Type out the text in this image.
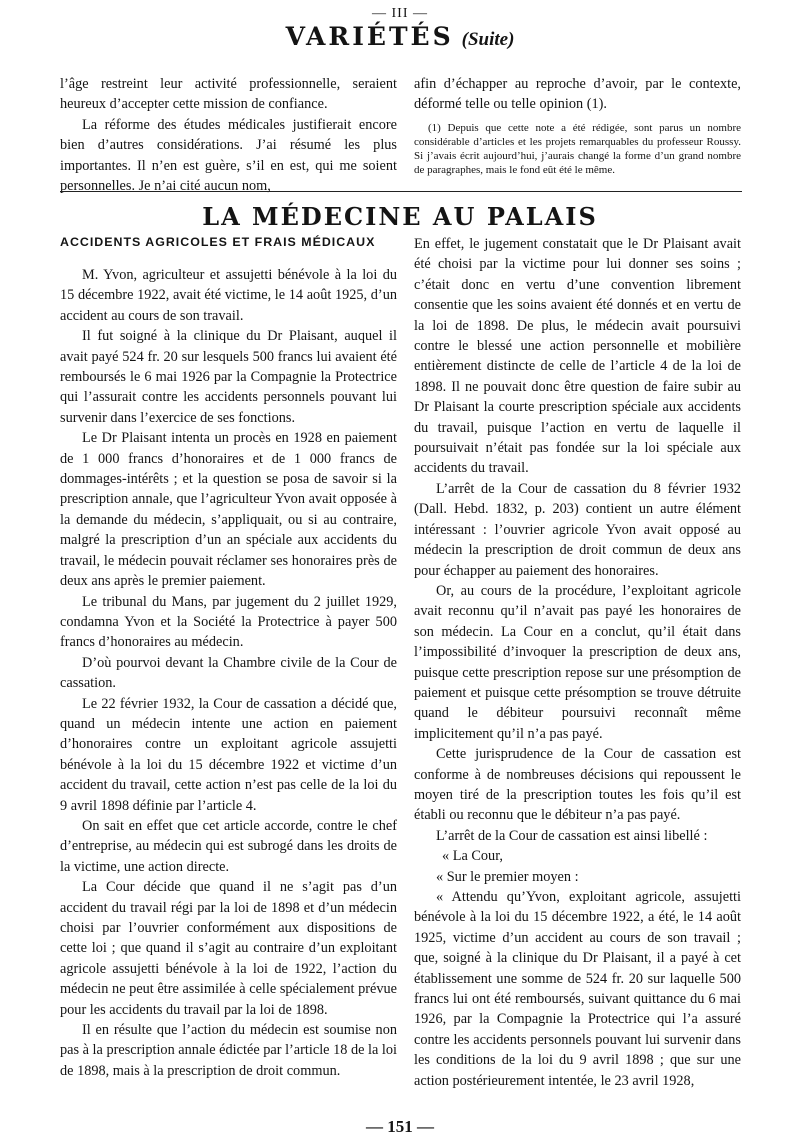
— III —
VARIÉTÉS (Suite)

l’âge restreint leur activité professionnelle, seraient heureux d’accepter cette mission de confiance.

La réforme des études médicales justifierait encore bien d’autres considérations. J’ai résumé les plus importantes. Il n’en est guère, s’il en est, qui me soient personnelles. Je n’ai cité aucun nom,

afin d’échapper au reproche d’avoir, par le contexte, déformé telle ou telle opinion (1).

(1) Depuis que cette note a été rédigée, sont parus un nombre considérable d’articles et les projets remarquables du professeur Roussy. Si j’avais écrit aujourd’hui, j’aurais changé la forme d’un grand nombre de paragraphes, mais le fond eût été le même.

LA MÉDECINE AU PALAIS
ACCIDENTS AGRICOLES ET FRAIS MÉDICAUX

M. Yvon, agriculteur et assujetti bénévole à la loi du 15 décembre 1922, avait été victime, le 14 août 1925, d’un accident au cours de son travail.

Il fut soigné à la clinique du Dr Plaisant, auquel il avait payé 524 fr. 20 sur lesquels 500 francs lui avaient été remboursés le 6 mai 1926 par la Compagnie la Protectrice qui l’assurait contre les accidents personnels pouvant lui survenir dans l’exercice de ses fonctions.

Le Dr Plaisant intenta un procès en 1928 en paiement de 1 000 francs d’honoraires et de 1 000 francs de dommages-intérêts ; et la question se posa de savoir si la prescription annale, que l’agriculteur Yvon avait opposée à la demande du médecin, s’appliquait, ou si au contraire, malgré la prescription d’un an spéciale aux accidents du travail, le médecin pouvait réclamer ses honoraires près de deux ans après le premier paiement.

Le tribunal du Mans, par jugement du 2 juillet 1929, condamna Yvon et la Société la Protectrice à payer 500 francs d’honoraires au médecin.

D’où pourvoi devant la Chambre civile de la Cour de cassation.

Le 22 février 1932, la Cour de cassation a décidé que, quand un médecin intente une action en paiement d’honoraires contre un exploitant agricole assujetti bénévole à la loi du 15 décembre 1922 et victime d’un accident du travail, cette action n’est pas celle de la loi du 9 avril 1898 définie par l’article 4.

On sait en effet que cet article accorde, contre le chef d’entreprise, au médecin qui est subrogé dans les droits de la victime, une action directe.

La Cour décide que quand il ne s’agit pas d’un accident du travail régi par la loi de 1898 et d’un médecin choisi par l’ouvrier conformément aux dispositions de cette loi ; que quand il s’agit au contraire d’un exploitant agricole assujetti bénévole à la loi de 1922, l’action du médecin ne peut être assimilée à celle spécialement prévue pour les accidents du travail par la loi de 1898.

Il en résulte que l’action du médecin est soumise non pas à la prescription annale édictée par l’article 18 de la loi de 1898, mais à la prescription de droit commun.

En effet, le jugement constatait que le Dr Plaisant avait été choisi par la victime pour lui donner ses soins ; c’était donc en vertu d’une convention librement consentie que les soins avaient été donnés et en vertu de la loi de 1898. De plus, le médecin avait poursuivi contre le blessé une action personnelle et mobilière entièrement distincte de celle de l’article 4 de la loi de 1898. Il ne pouvait donc être question de faire subir au Dr Plaisant la courte prescription spéciale aux accidents du travail, puisque l’action en vertu de laquelle il poursuivait n’était pas fondée sur la loi spéciale aux accidents du travail.

L’arrêt de la Cour de cassation du 8 février 1932 (Dall. Hebd. 1832, p. 203) contient un autre élément intéressant : l’ouvrier agricole Yvon avait opposé au médecin la prescription de droit commun de deux ans pour échapper au paiement des honoraires.

Or, au cours de la procédure, l’exploitant agricole avait reconnu qu’il n’avait pas payé les honoraires de son médecin. La Cour en a conclut, qu’il était dans l’impossibilité d’invoquer la prescription de deux ans, puisque cette prescription repose sur une présomption de paiement et puisque cette présomption se trouve détruite quand le débiteur poursuivi reconnaît même implicitement qu’il n’a pas payé.

Cette jurisprudence de la Cour de cassation est conforme à de nombreuses décisions qui repoussent le moyen tiré de la prescription toutes les fois qu’il est établi ou reconnu que le débiteur n’a pas payé.

L’arrêt de la Cour de cassation est ainsi libellé :

« La Cour,

« Sur le premier moyen :

« Attendu qu’Yvon, exploitant agricole, assujetti bénévole à la loi du 15 décembre 1922, a été, le 14 août 1925, victime d’un accident au cours de son travail ; que, soigné à la clinique du Dr Plaisant, il a payé à cet établissement une somme de 524 fr. 20 sur laquelle 500 francs lui ont été remboursés, suivant quittance du 6 mai 1926, par la Compagnie la Protectrice qui l’a assuré contre les accidents personnels pouvant lui survenir dans les conditions de la loi du 9 avril 1898 ; que sur une action postérieurement intentée, le 23 avril 1928,

— 151 —
